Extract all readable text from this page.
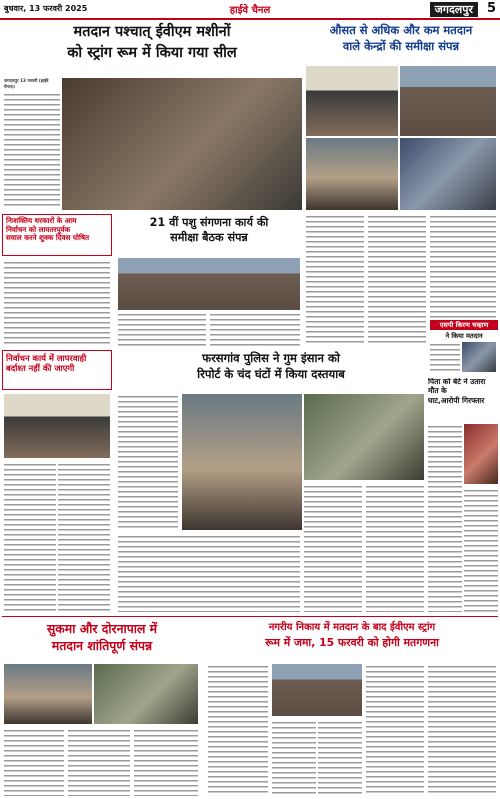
बुधवार, 13 फरवरी 2025	हाईवे चैनल	जगदलपुर	5
मतदान पश्चात् ईवीएम मशीनों
को स्ट्रांग रूम में किया गया सील
जगदलपुर 13 फरवरी (हाईवे चैनल)।
औसत से अधिक और कम मतदान
वाले केन्द्रों की समीक्षा संपन्न
निःशक्तिय धरकारों के आम
निर्वाचन को लायतरपूर्वक
सवाल करने शुक्क दिवस घोषित
21 वीं पशु संगणना कार्य की
समीक्षा बैठक संपन्न
एसपी किरण चव्हाण
ने किया मतदान
निर्वाचन कार्य में लापरवाही
बर्दाश्त नहीं की जाएगी
फरसगांव पुलिस ने गुम इंसान को
रिपोर्ट के चंद घंटों में किया दस्तयाब
पिता को बेटे ने उतारा मौत के
घाट,आरोपी गिरफ्तार
सुकमा और दोरनापाल में
मतदान शांतिपूर्ण संपन्न
नगरीय निकाय में मतदान के बाद ईवीएम स्ट्रांग
रूम में जमा, 15 फरवरी को होगी मतगणना
